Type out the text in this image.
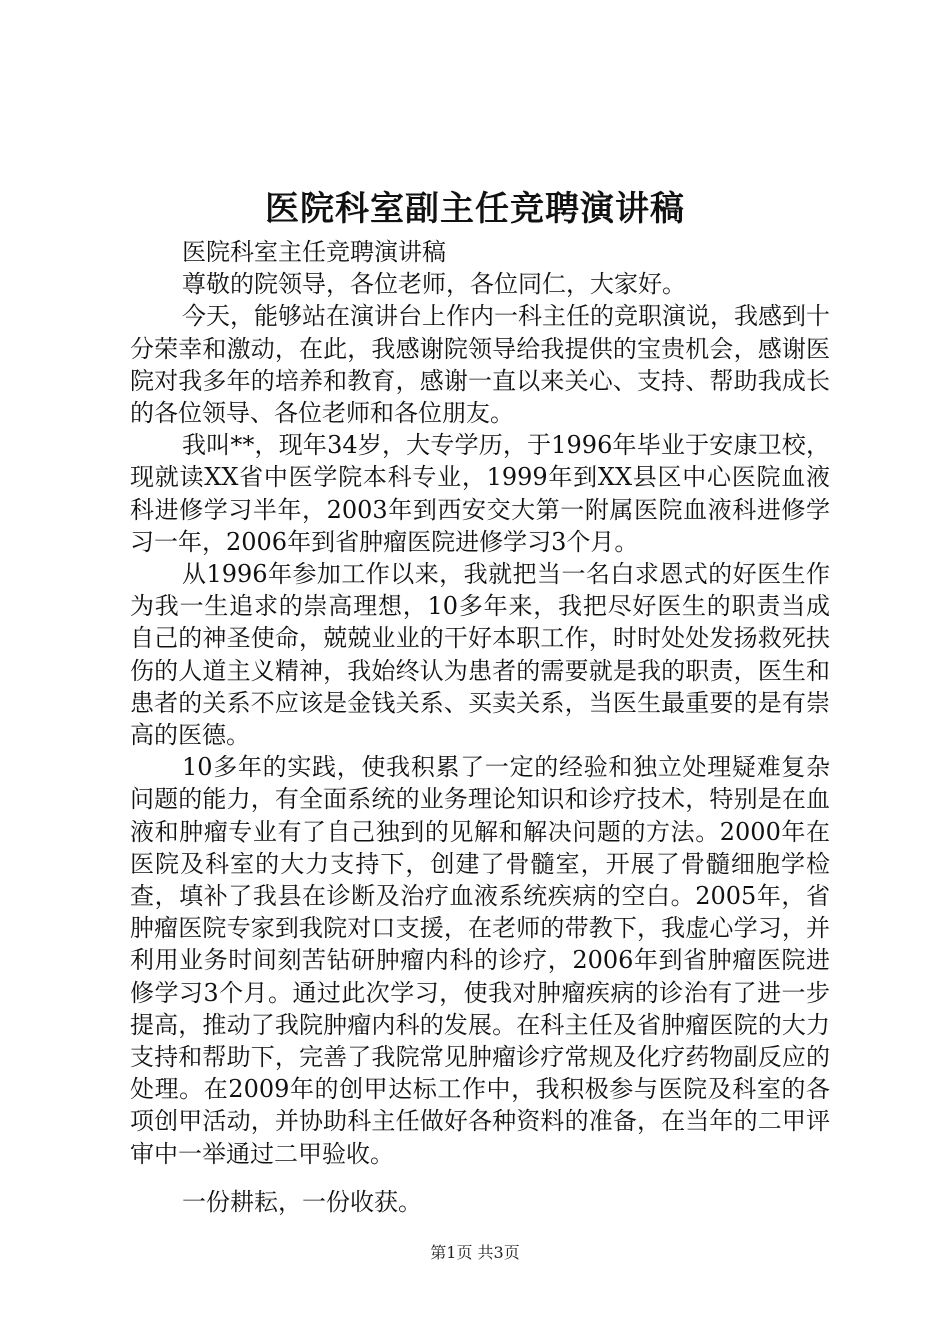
医院科室副主任竞聘演讲稿

医院科室主任竞聘演讲稿

尊敬的院领导，各位老师，各位同仁，大家好。

今天，能够站在演讲台上作内一科主任的竞职演说，我感到十分荣幸和激动，在此，我感谢院领导给我提供的宝贵机会，感谢医院对我多年的培养和教育，感谢一直以来关心、支持、帮助我成长的各位领导、各位老师和各位朋友。

我叫**，现年34岁，大专学历，于1996年毕业于安康卫校，现就读XX省中医学院本科专业，1999年到XX县区中心医院血液科进修学习半年，2003年到西安交大第一附属医院血液科进修学习一年，2006年到省肿瘤医院进修学习3个月。

从1996年参加工作以来，我就把当一名白求恩式的好医生作为我一生追求的崇高理想，10多年来，我把尽好医生的职责当成自己的神圣使命，兢兢业业的干好本职工作，时时处处发扬救死扶伤的人道主义精神，我始终认为患者的需要就是我的职责，医生和患者的关系不应该是金钱关系、买卖关系，当医生最重要的是有崇高的医德。

10多年的实践，使我积累了一定的经验和独立处理疑难复杂问题的能力，有全面系统的业务理论知识和诊疗技术，特别是在血液和肿瘤专业有了自己独到的见解和解决问题的方法。2000年在医院及科室的大力支持下，创建了骨髓室，开展了骨髓细胞学检查，填补了我县在诊断及治疗血液系统疾病的空白。2005年，省肿瘤医院专家到我院对口支援，在老师的带教下，我虚心学习，并利用业务时间刻苦钻研肿瘤内科的诊疗，2006年到省肿瘤医院进修学习3个月。通过此次学习，使我对肿瘤疾病的诊治有了进一步提高，推动了我院肿瘤内科的发展。在科主任及省肿瘤医院的大力支持和帮助下，完善了我院常见肿瘤诊疗常规及化疗药物副反应的处理。在2009年的创甲达标工作中，我积极参与医院及科室的各项创甲活动，并协助科主任做好各种资料的准备，在当年的二甲评审中一举通过二甲验收。

一份耕耘，一份收获。

第1页 共3页
